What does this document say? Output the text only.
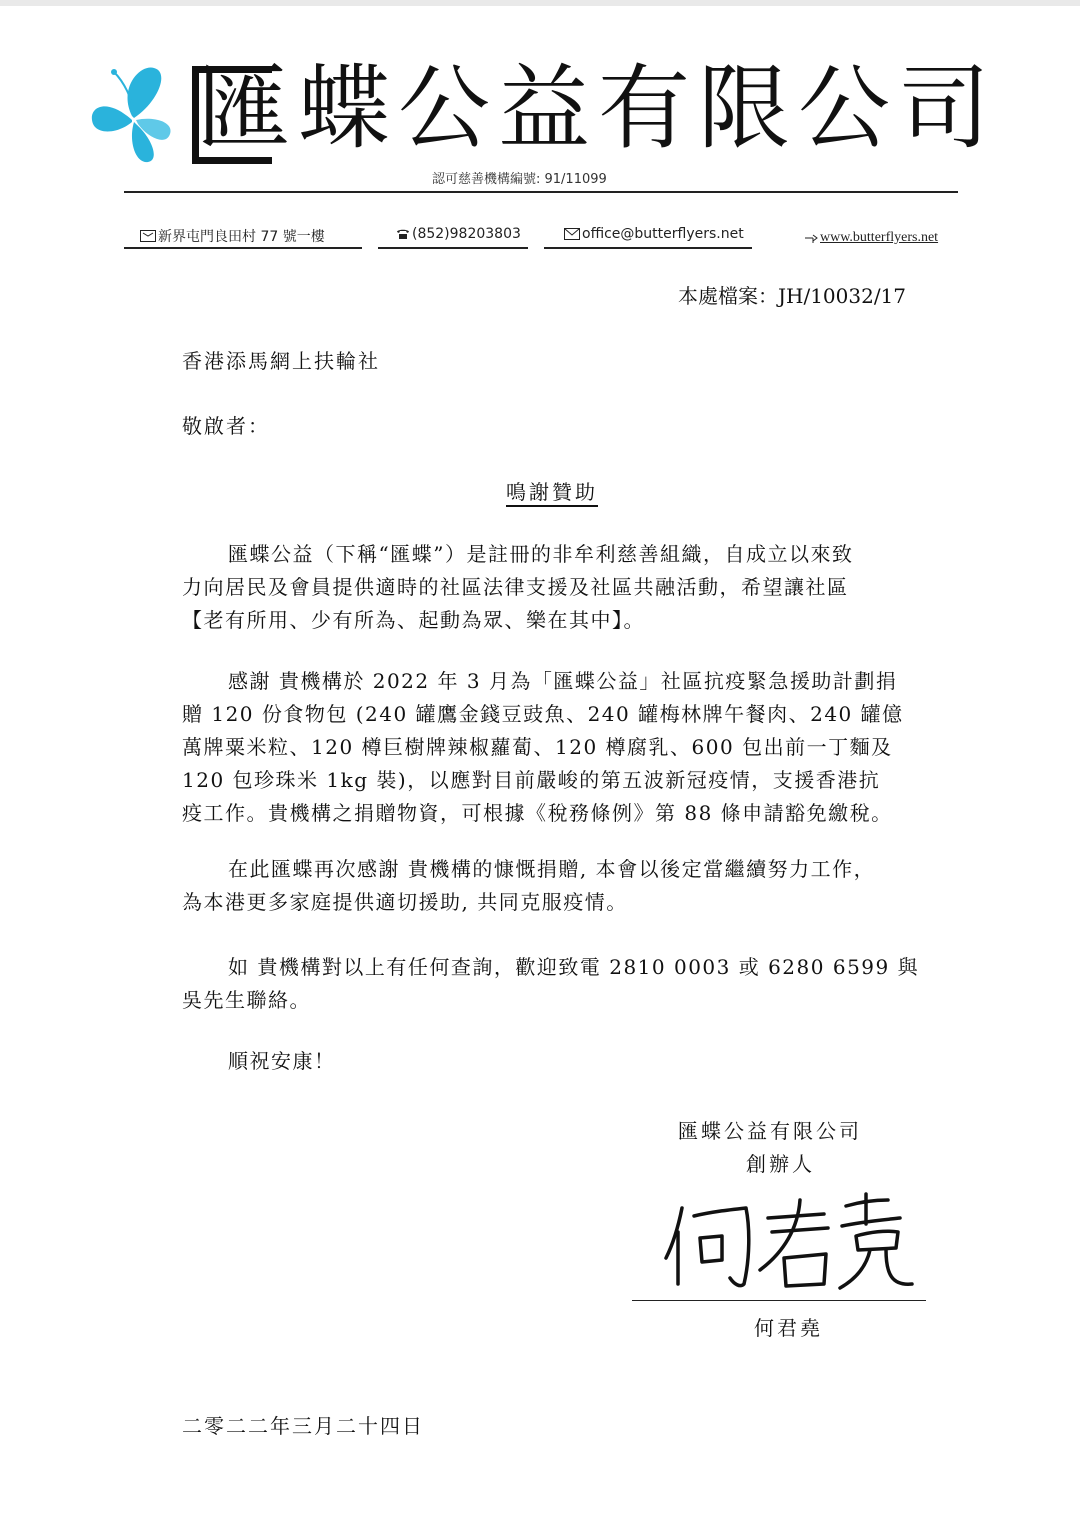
匯蝶公益有限公司
認可慈善機構編號: 91/11099
新界屯門良田村 77 號一樓	(852)98203803	office@butterflyers.net	www.butterflyers.net
本處檔案：JH/10032/17
香港添馬網上扶輪社
敬啟者：
鳴謝贊助
匯蝶公益（下稱“匯蝶”）是註冊的非牟利慈善組織，自成立以來致
力向居民及會員提供適時的社區法律支援及社區共融活動，希望讓社區
【老有所用、少有所為、起動為眾、樂在其中】。
感謝 貴機構於 2022 年 3 月為「匯蝶公益」社區抗疫緊急援助計劃捐
贈 120 份食物包 (240 罐鷹金錢豆豉魚、240 罐梅林牌午餐肉、240 罐億
萬牌粟米粒、120 樽巨樹牌辣椒蘿蔔、120 樽腐乳、600 包出前一丁麵及
120 包珍珠米 1kg 裝)，以應對目前嚴峻的第五波新冠疫情，支援香港抗
疫工作。貴機構之捐贈物資，可根據《稅務條例》第 88 條申請豁免繳稅。
在此匯蝶再次感謝 貴機構的慷慨捐贈, 本會以後定當繼續努力工作，
為本港更多家庭提供適切援助, 共同克服疫情。
如 貴機構對以上有任何查詢，歡迎致電 2810 0003 或 6280 6599 與
吳先生聯絡。
順祝安康！
匯蝶公益有限公司
創辦人
何君堯
二零二二年三月二十四日
